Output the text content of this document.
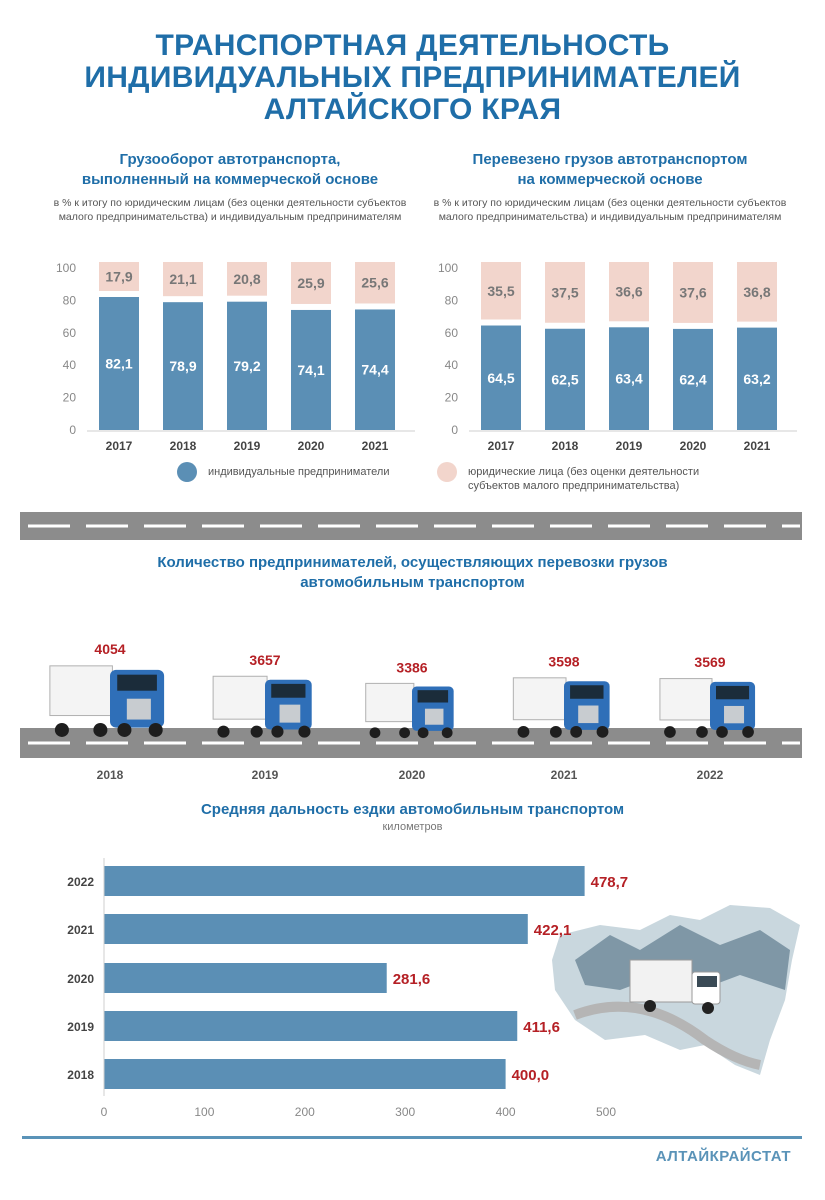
ТРАНСПОРТНАЯ ДЕЯТЕЛЬНОСТЬ
ИНДИВИДУАЛЬНЫХ ПРЕДПРИНИМАТЕЛЕЙ
АЛТАЙСКОГО КРАЯ
Грузооборот автотранспорта,
выполненный на коммерческой основе
в % к итогу по юридическим лицам (без оценки деятельности субъектов малого предпринимательства) и индивидуальным предпринимателям
Перевезено грузов автотранспортом
на коммерческой основе
в % к итогу по юридическим лицам (без оценки деятельности субъектов малого предпринимательства) и индивидуальным предпринимателям
0
20
40
60
80
100
82,1
17,9
2017
78,9
21,1
2018
79,2
20,8
2019
74,1
25,9
2020
74,4
25,6
2021
0
20
40
60
80
100
64,5
35,5
2017
62,5
37,5
2018
63,4
36,6
2019
62,4
37,6
2020
63,2
36,8
2021
4054
2018
3657
2019
3386
2020
3598
2021
3569
2022
2022	478,7
2021	422,1
2020	281,6
2019	411,6
2018	400,0
0	100	200	300	400	500
индивидуальные предприниматели	юридические лица (без оценки деятельности субъектов малого предпринимательства)
Количество предпринимателей, осуществляющих перевозки грузов
автомобильным транспортом
Средняя дальность ездки автомобильным транспортом
километров
АЛТАЙКРАЙСТАТ
